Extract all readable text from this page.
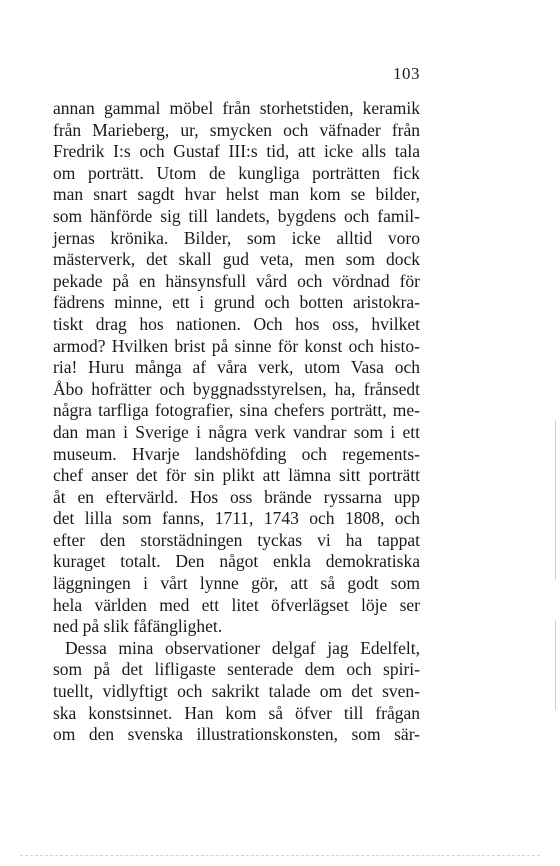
103
annan gammal möbel från storhetstiden, keramik
från Marieberg, ur, smycken och väfnader från
Fredrik I:s och Gustaf III:s tid, att icke alls tala
om porträtt. Utom de kungliga porträtten fick
man snart sagdt hvar helst man kom se bilder,
som hänförde sig till landets, bygdens och famil-
jernas krönika. Bilder, som icke alltid voro
mästerverk, det skall gud veta, men som dock
pekade på en hänsynsfull vård och vördnad för
fädrens minne, ett i grund och botten aristokra-
tiskt drag hos nationen. Och hos oss, hvilket
armod? Hvilken brist på sinne för konst och histo-
ria! Huru många af våra verk, utom Vasa och
Åbo hofrätter och byggnadsstyrelsen, ha, frånsedt
några tarfliga fotografier, sina chefers porträtt, me-
dan man i Sverige i några verk vandrar som i ett
museum. Hvarje landshöfding och regements-
chef anser det för sin plikt att lämna sitt porträtt
åt en eftervärld. Hos oss brände ryssarna upp
det lilla som fanns, 1711, 1743 och 1808, och
efter den storstädningen tyckas vi ha tappat
kuraget totalt. Den något enkla demokratiska
läggningen i vårt lynne gör, att så godt som
hela världen med ett litet öfverlägset löje ser
ned på slik fåfänglighet.
Dessa mina observationer delgaf jag Edelfelt,
som på det lifligaste senterade dem och spiri-
tuellt, vidlyftigt och sakrikt talade om det sven-
ska konstsinnet. Han kom så öfver till frågan
om den svenska illustrationskonsten, som sär-
